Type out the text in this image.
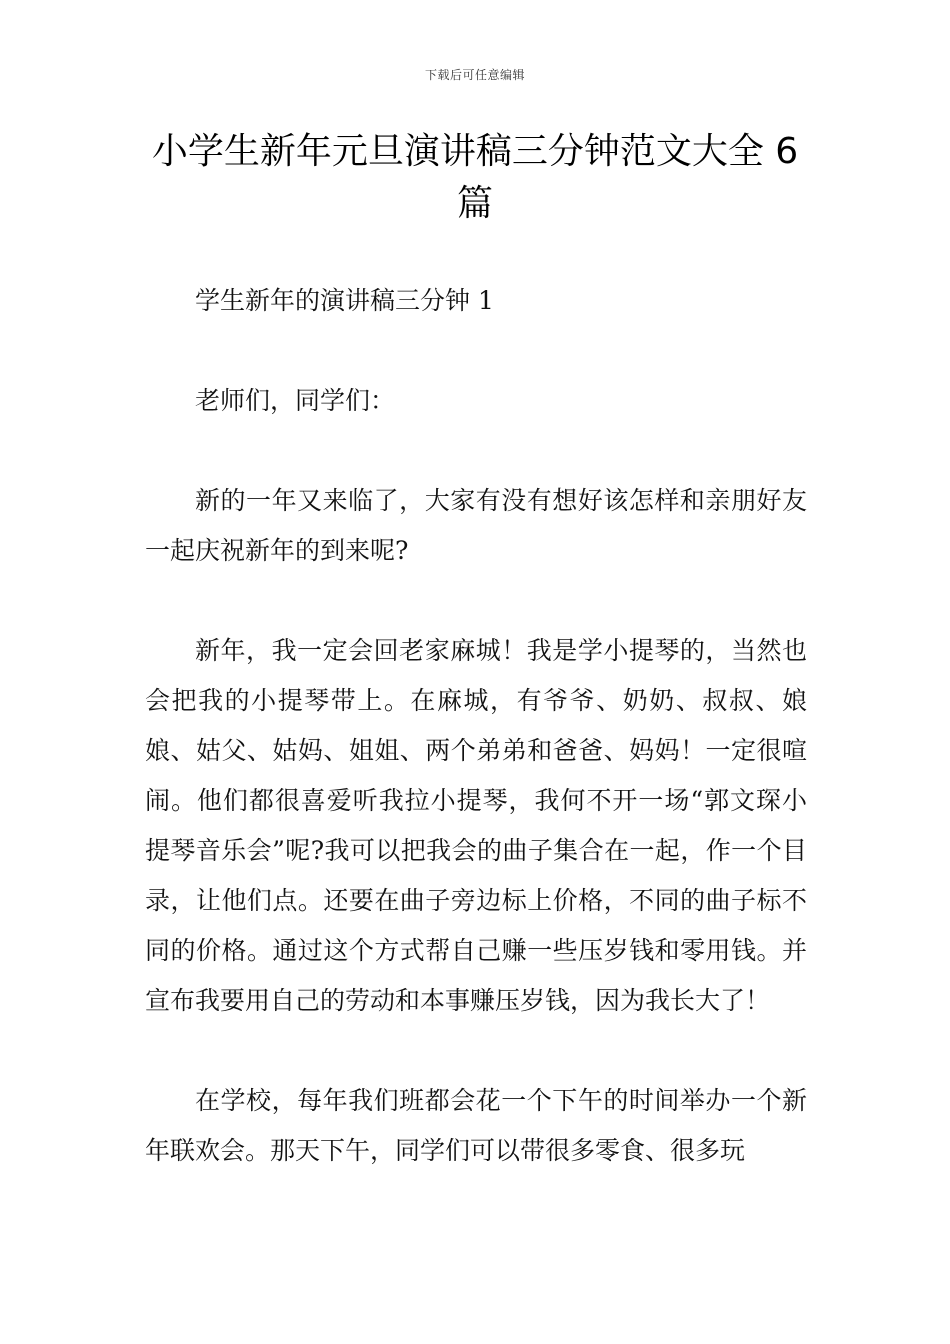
下载后可任意编辑
小学生新年元旦演讲稿三分钟范文大全 6 篇

学生新年的演讲稿三分钟 1

老师们，同学们：

新的一年又来临了，大家有没有想好该怎样和亲朋好友一起庆祝新年的到来呢?

新年，我一定会回老家麻城！我是学小提琴的，当然也会把我的小提琴带上。在麻城，有爷爷、奶奶、叔叔、娘娘、姑父、姑妈、姐姐、两个弟弟和爸爸、妈妈！一定很喧闹。他们都很喜爱听我拉小提琴，我何不开一场“郭文琛小提琴音乐会”呢?我可以把我会的曲子集合在一起，作一个目录，让他们点。还要在曲子旁边标上价格，不同的曲子标不同的价格。通过这个方式帮自己赚一些压岁钱和零用钱。并宣布我要用自己的劳动和本事赚压岁钱，因为我长大了！

在学校，每年我们班都会花一个下午的时间举办一个新年联欢会。那天下午，同学们可以带很多零食、很多玩
